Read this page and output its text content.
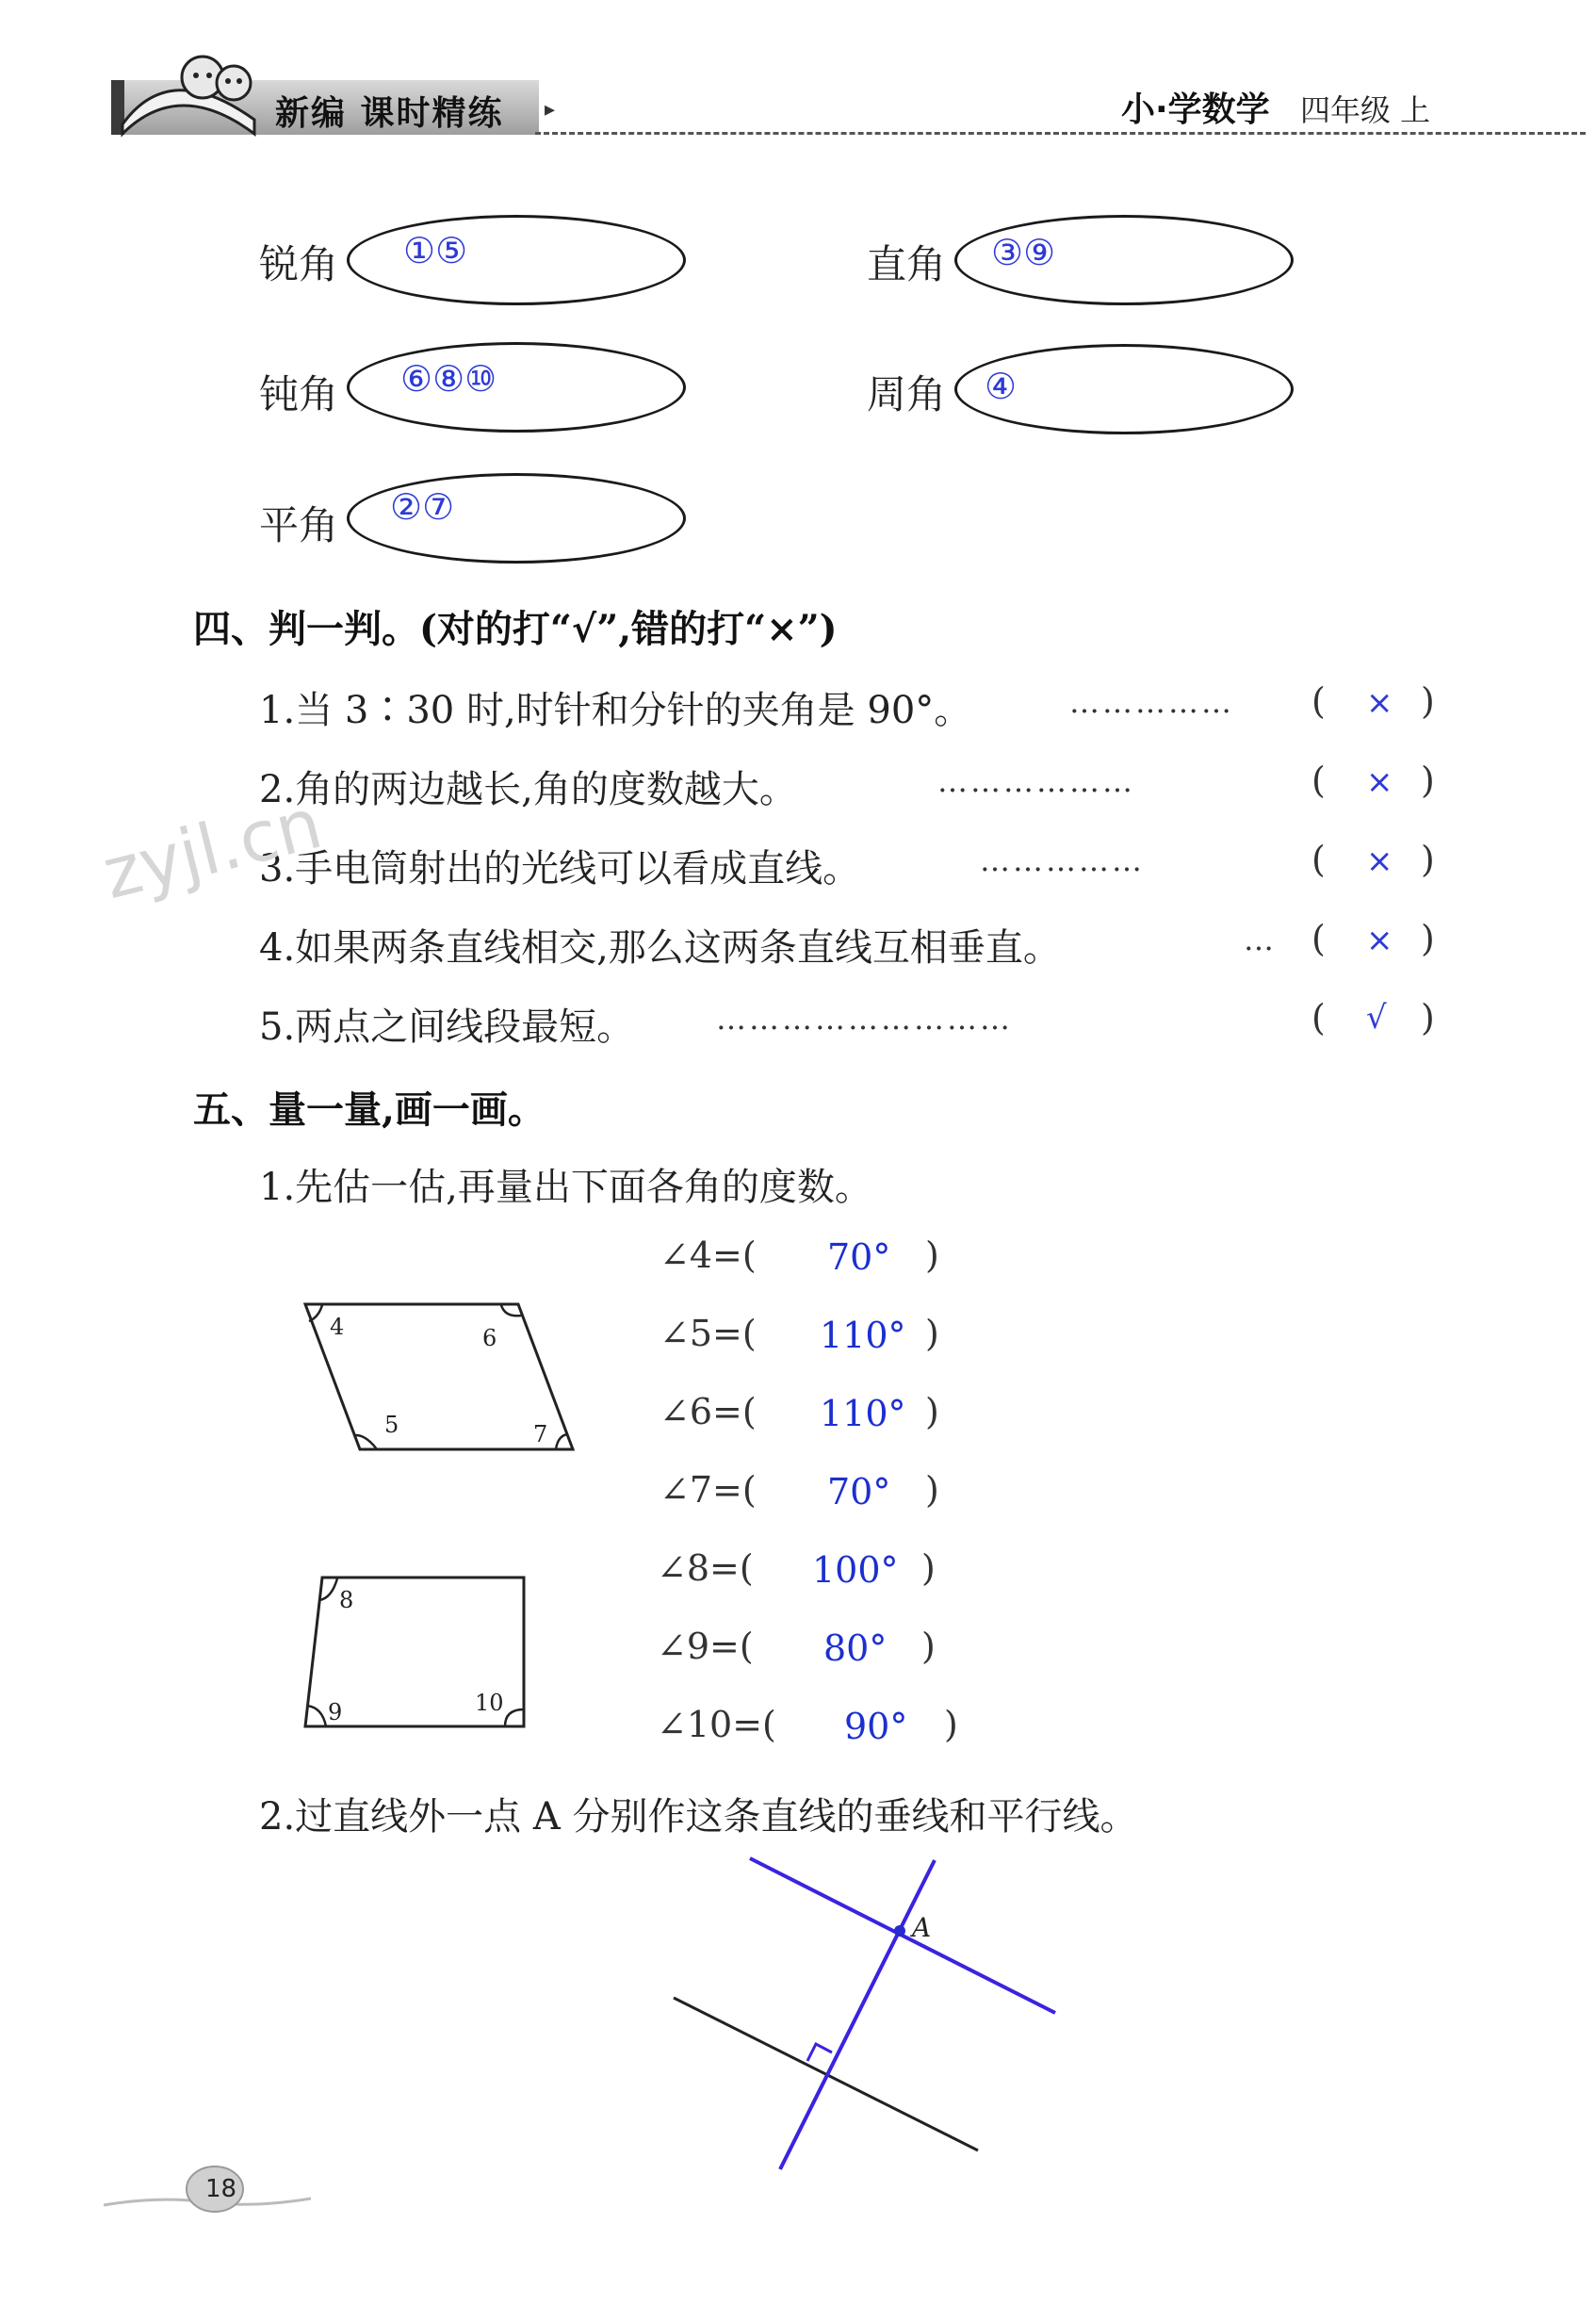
新编 课时精练 ▸	小·学数学 四年级 上
锐角 ①⑤	直角 ③⑨
钝角 ⑥⑧⑩	周角 ④
平角 ②⑦
四、判一判。(对的打“√”,错的打“×”)
1.当 3∶30 时,时针和分针的夹角是 90°。	…………… ( × )
2.角的两边越长,角的度数越大。	………………	( × )
3.手电筒射出的光线可以看成直线。	……………	( × )
4.如果两条直线相交,那么这两条直线互相垂直。	… ( × )
5.两点之间线段最短。	………………………	( √ )
五、量一量,画一画。
1.先估一估,再量出下面各角的度数。
4	6
5	7
8
9	10
∠4=( 70° )
∠5=( 110° )
∠6=( 110° )
∠7=( 70° )
∠8=( 100° )
∠9=( 80° )
∠10=( 90° )
2.过直线外一点 A 分别作这条直线的垂线和平行线。
A
18
zyjl.cn
